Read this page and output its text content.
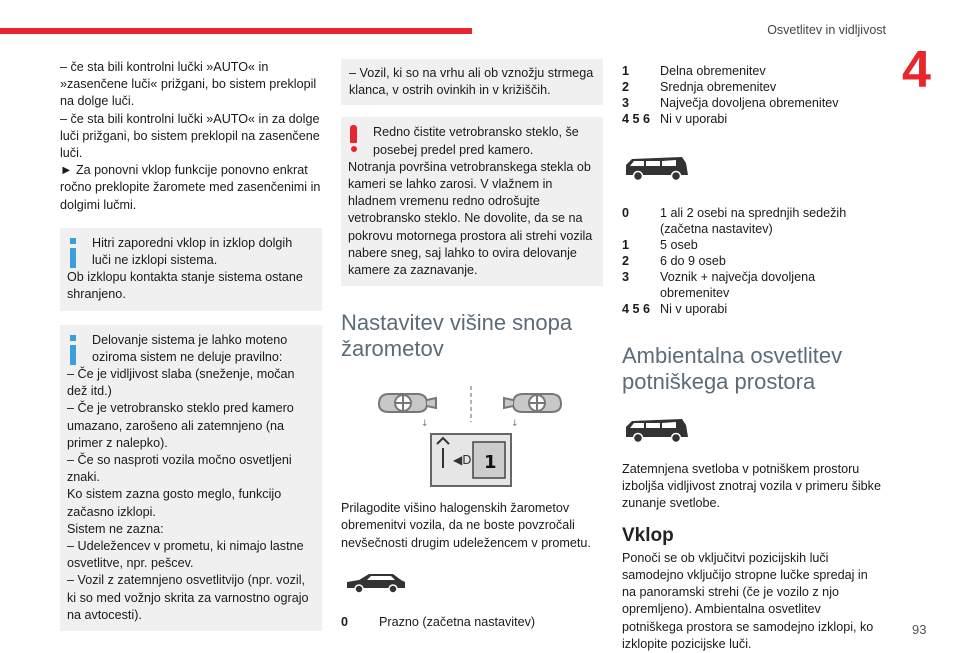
Osvetlitev in vidljivost
4
93

– če sta bili kontrolni lučki »AUTO« in »zasenčene luči« prižgani, bo sistem preklopil na dolge luči.

– če sta bili kontrolni lučki »AUTO« in za dolge luči prižgani, bo sistem preklopil na zasenčene luči.

► Za ponovni vklop funkcije ponovno enkrat ročno preklopite žaromete med zasenčenimi in dolgimi lučmi.

Hitri zaporedni vklop in izklop dolgih luči ne izklopi sistema.

Ob izklopu kontakta stanje sistema ostane shranjeno.

Delovanje sistema je lahko moteno oziroma sistem ne deluje pravilno:

– Če je vidljivost slaba (sneženje, močan dež itd.)

– Če je vetrobransko steklo pred kamero umazano, zarošeno ali zatemnjeno (na primer z nalepko).

– Če so nasproti vozila močno osvetljeni znaki.

Ko sistem zazna gosto meglo, funkcijo začasno izklopi.

Sistem ne zazna:

– Udeležencev v prometu, ki nimajo lastne osvetlitve, npr. pešcev.

– Vozil z zatemnjeno osvetlitvijo (npr. vozil, ki so med vožnjo skrita za varnostno ograjo na avtocesti).

– Vozil, ki so na vrhu ali ob vznožju strmega klanca, v ostrih ovinkih in v križiščih.

Redno čistite vetrobransko steklo, še posebej predel pred kamero.

Notranja površina vetrobranskega stekla ob kameri se lahko zarosi. V vlažnem in hladnem vremenu redno odrošujte vetrobransko steklo. Ne dovolite, da se na pokrovu motornega prostora ali strehi vozila nabere sneg, saj lahko to ovira delovanje kamere za zaznavanje.

Nastavitev višine snopa žarometov
↓	↓
◀D 1

Prilagodite višino halogenskih žarometov obremenitvi vozila, da ne boste povzročali nevšečnosti drugim udeležencem v prometu.

0	Prazno (začetna nastavitev)
1	Delna obremenitev
2	Srednja obremenitev
3	Največja dovoljena obremenitev
4 5 6 Ni v uporabi
0	1 ali 2 osebi na sprednjih sedežih (začetna nastavitev)
1	5 oseb
2	6 do 9 oseb
3	Voznik + največja dovoljena obremenitev
4 5 6 Ni v uporabi
Ambientalna osvetlitev potniškega prostora

Zatemnjena svetloba v potniškem prostoru izboljša vidljivost znotraj vozila v primeru šibke zunanje svetlobe.

Vklop

Ponoči se ob vključitvi pozicijskih luči samodejno vključijo stropne lučke spredaj in na panoramski strehi (če je vozilo z njo opremljeno). Ambientalna osvetlitev potniškega prostora se samodejno izklopi, ko izklopite pozicijske luči.
